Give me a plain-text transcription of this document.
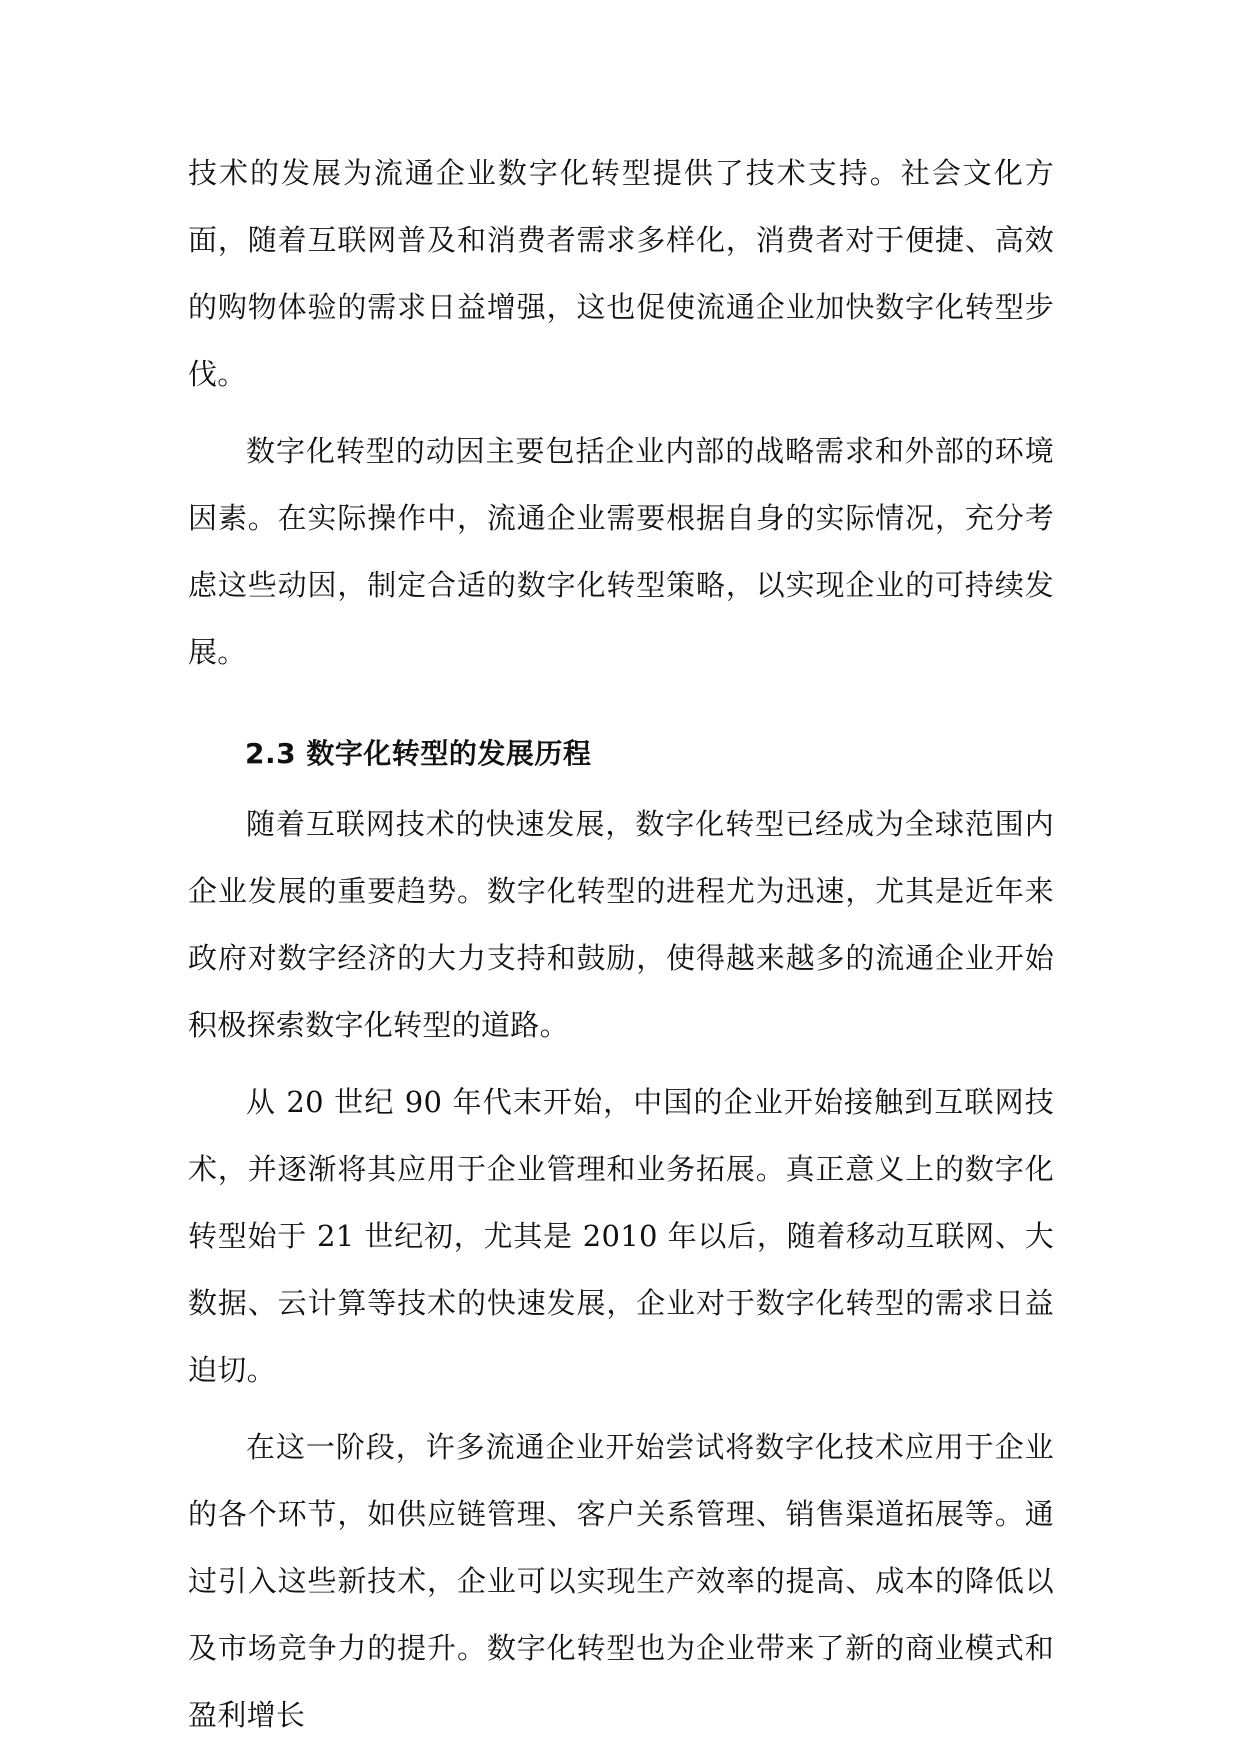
技术的发展为流通企业数字化转型提供了技术支持。社会文化方面，随着互联网普及和消费者需求多样化，消费者对于便捷、高效的购物体验的需求日益增强，这也促使流通企业加快数字化转型步伐。

数字化转型的动因主要包括企业内部的战略需求和外部的环境因素。在实际操作中，流通企业需要根据自身的实际情况，充分考虑这些动因，制定合适的数字化转型策略，以实现企业的可持续发展。

2.3 数字化转型的发展历程

随着互联网技术的快速发展，数字化转型已经成为全球范围内企业发展的重要趋势。数字化转型的进程尤为迅速，尤其是近年来政府对数字经济的大力支持和鼓励，使得越来越多的流通企业开始积极探索数字化转型的道路。

从 20 世纪 90 年代末开始，中国的企业开始接触到互联网技术，并逐渐将其应用于企业管理和业务拓展。真正意义上的数字化转型始于 21 世纪初，尤其是 2010 年以后，随着移动互联网、大数据、云计算等技术的快速发展，企业对于数字化转型的需求日益迫切。

在这一阶段，许多流通企业开始尝试将数字化技术应用于企业的各个环节，如供应链管理、客户关系管理、销售渠道拓展等。通过引入这些新技术，企业可以实现生产效率的提高、成本的降低以及市场竞争力的提升。数字化转型也为企业带来了新的商业模式和盈利增长
